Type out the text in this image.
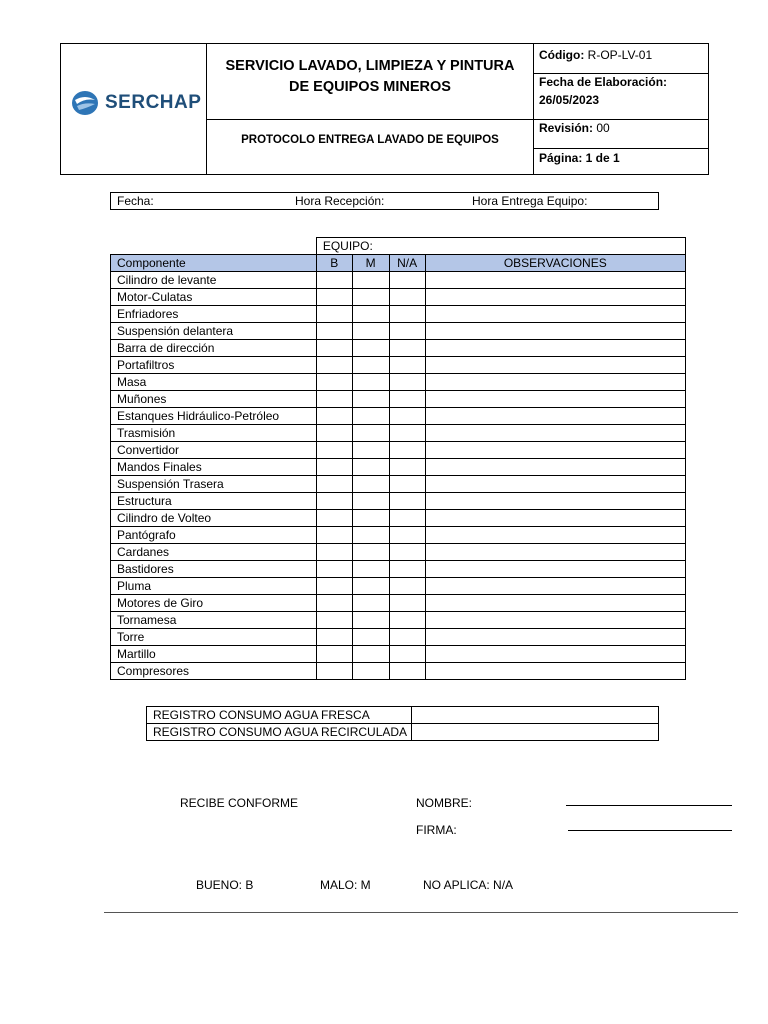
SERCHAP
SERVICIO LAVADO, LIMPIEZA Y PINTURA
DE EQUIPOS MINEROS
PROTOCOLO ENTREGA LAVADO DE EQUIPOS
Código: R-OP-LV-01
Fecha de Elaboración:
26/05/2023
Revisión: 00
Página: 1 de 1
Fecha:	Hora Recepción:	Hora Entrega Equipo:
	EQUIPO:			
Componente	B	M	N/A	OBSERVACIONES
Cilindro de levante				
Motor-Culatas				
Enfriadores				
Suspensión delantera				
Barra de dirección				
Portafiltros				
Masa				
Muñones				
Estanques Hidráulico-Petróleo				
Trasmisión				
Convertidor				
Mandos Finales				
Suspensión Trasera				
Estructura				
Cilindro de Volteo				
Pantógrafo				
Cardanes				
Bastidores				
Pluma				
Motores de Giro				
Tornamesa				
Torre				
Martillo				
Compresores				
REGISTRO CONSUMO AGUA FRESCA	
REGISTRO CONSUMO AGUA RECIRCULADA	
RECIBE CONFORME	NOMBRE:
FIRMA:
BUENO: B	MALO: M	NO APLICA: N/A
